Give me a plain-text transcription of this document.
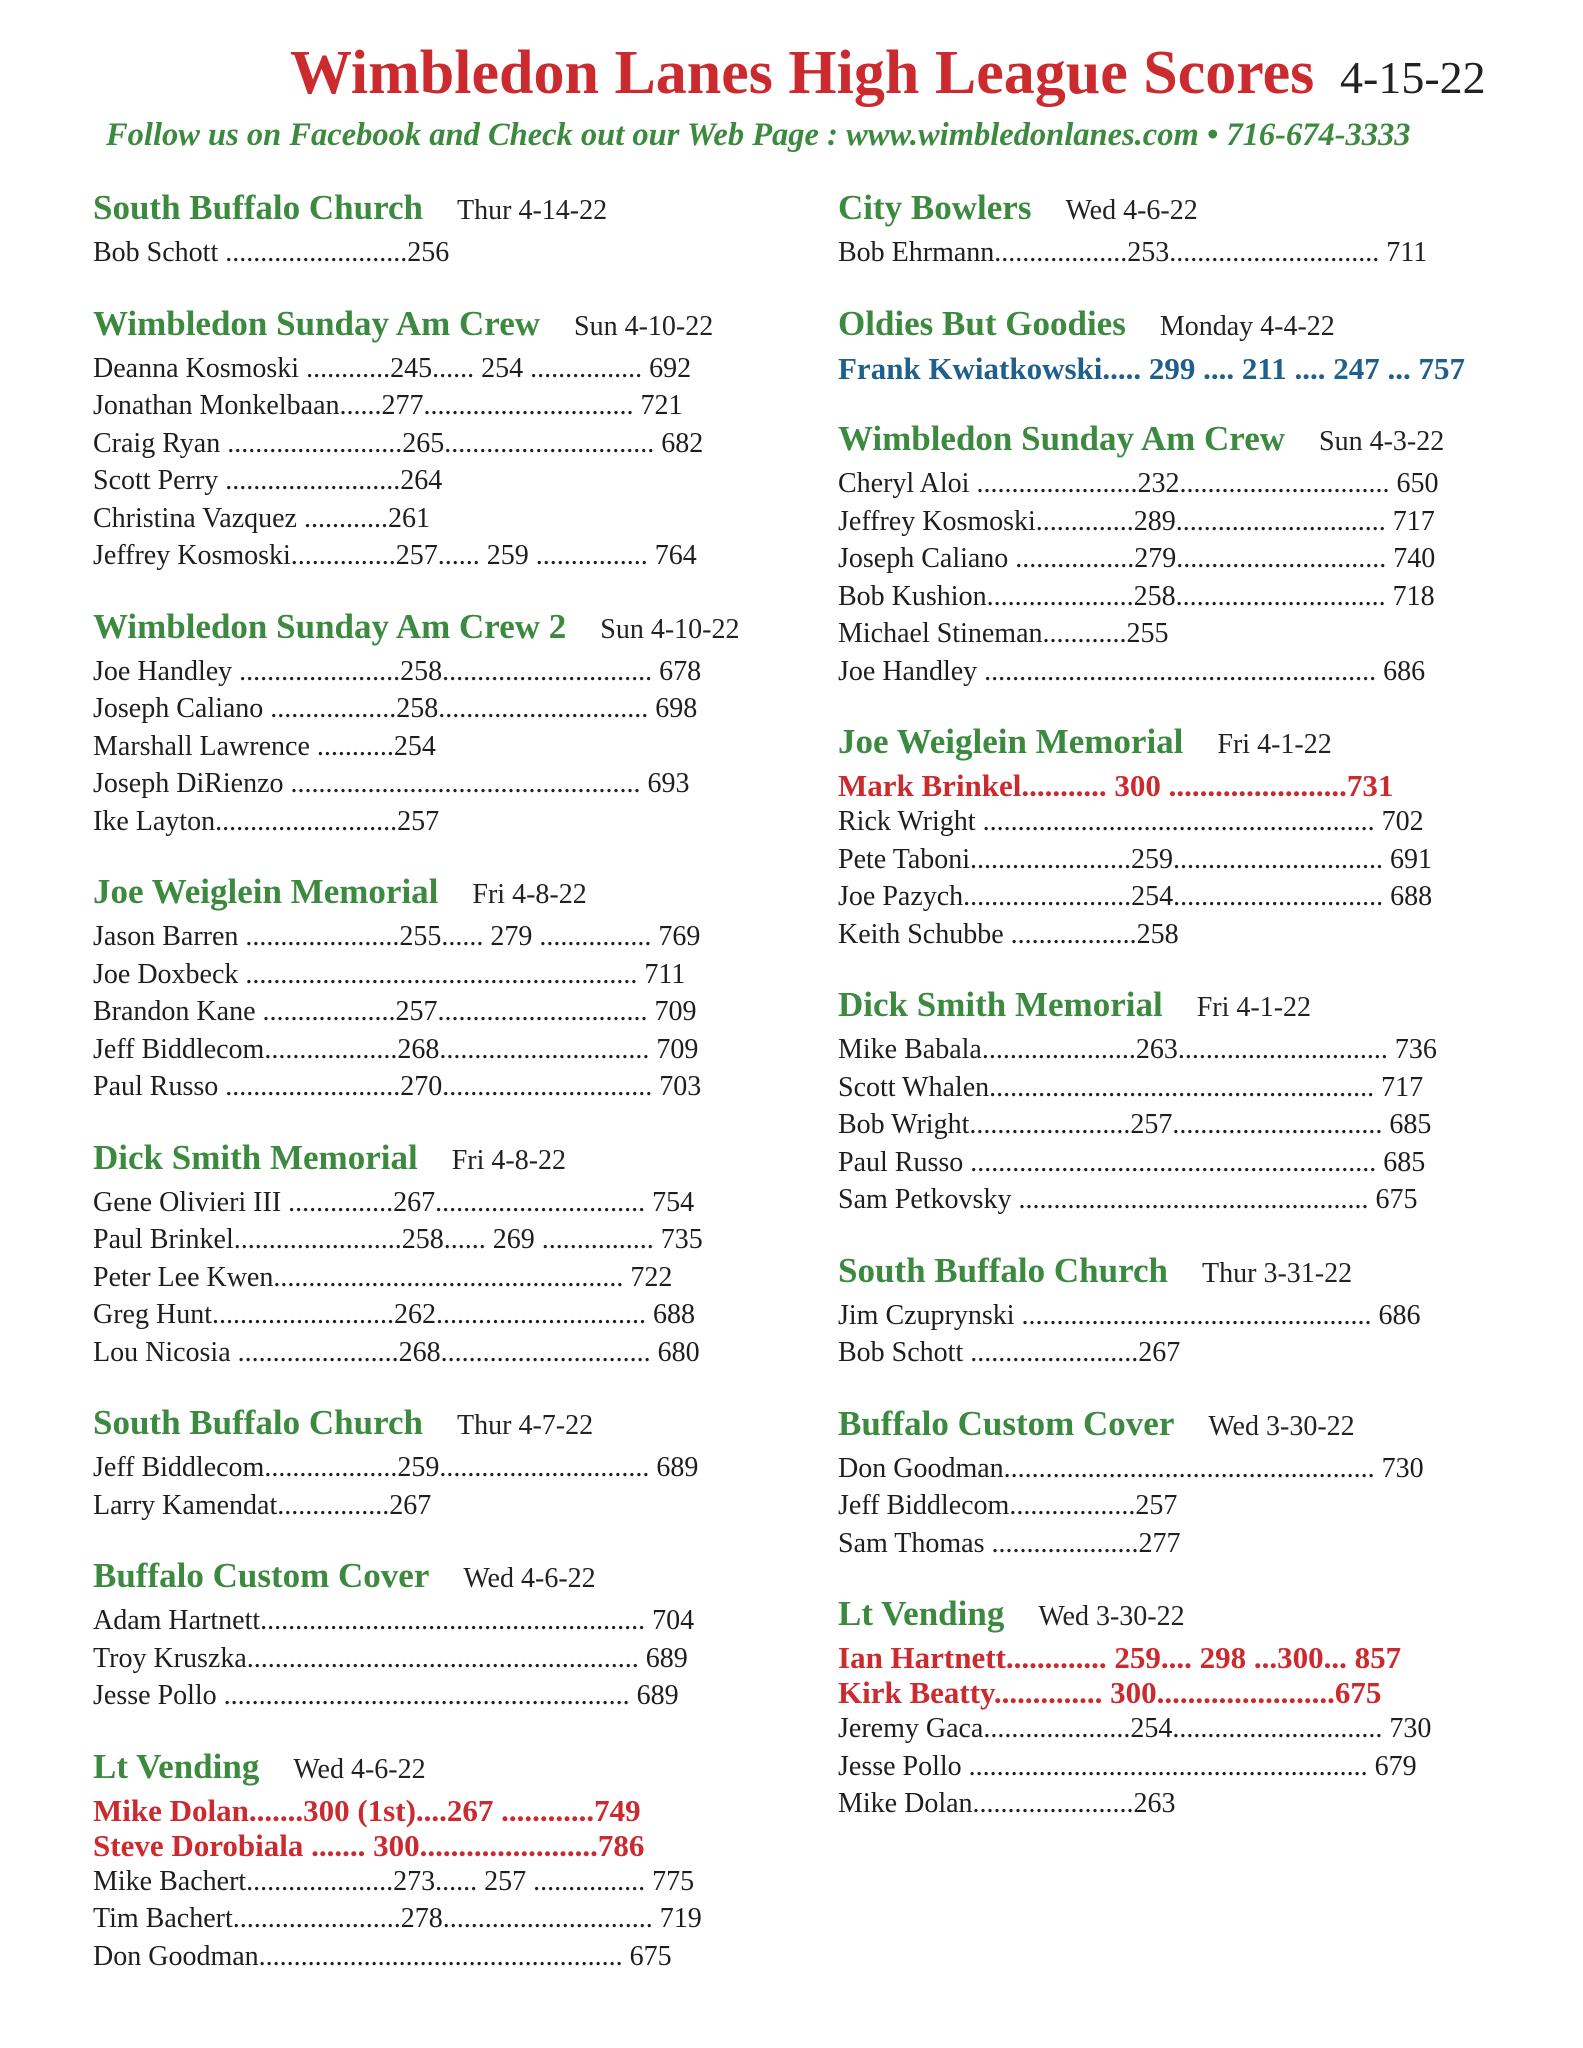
Wimbledon Lanes High League Scores 4-15-22
Follow us on Facebook and Check out our Web Page : www.wimbledonlanes.com • 716-674-3333
South Buffalo Church Thur 4-14-22
Bob Schott ..........................256
Wimbledon Sunday Am Crew Sun 4-10-22
Deanna Kosmoski ............245...... 254 ................ 692
Jonathan Monkelbaan......277.............................. 721
Craig Ryan .........................265.............................. 682
Scott Perry .........................264
Christina Vazquez ............261
Jeffrey Kosmoski...............257...... 259 ................ 764
Wimbledon Sunday Am Crew 2 Sun 4-10-22
Joe Handley .......................258.............................. 678
Joseph Caliano ..................258.............................. 698
Marshall Lawrence ...........254
Joseph DiRienzo .................................................. 693
Ike Layton..........................257
Joe Weiglein Memorial Fri 4-8-22
Jason Barren ......................255...... 279 ................ 769
Joe Doxbeck ........................................................ 711
Brandon Kane ...................257.............................. 709
Jeff Biddlecom...................268.............................. 709
Paul Russo .........................270.............................. 703
Dick Smith Memorial Fri 4-8-22
Gene Olivieri III ...............267.............................. 754
Paul Brinkel........................258...... 269 ................ 735
Peter Lee Kwen.................................................. 722
Greg Hunt..........................262.............................. 688
Lou Nicosia .......................268.............................. 680
South Buffalo Church Thur 4-7-22
Jeff Biddlecom...................259.............................. 689
Larry Kamendat................267
Buffalo Custom Cover Wed 4-6-22
Adam Hartnett....................................................... 704
Troy Kruszka........................................................ 689
Jesse Pollo .......................................................... 689
Lt Vending Wed 4-6-22
Mike Dolan.......300 (1st)....267 ............749
Steve Dorobiala ....... 300.......................786
Mike Bachert.....................273...... 257 ................ 775
Tim Bachert........................278.............................. 719
Don Goodman.................................................... 675
City Bowlers Wed 4-6-22
Bob Ehrmann...................253.............................. 711
Oldies But Goodies Monday 4-4-22
Frank Kwiatkowski..... 299 .... 211 .... 247 ... 757
Wimbledon Sunday Am Crew Sun 4-3-22
Cheryl Aloi .......................232.............................. 650
Jeffrey Kosmoski..............289.............................. 717
Joseph Caliano .................279.............................. 740
Bob Kushion.....................258.............................. 718
Michael Stineman............255
Joe Handley ........................................................ 686
Joe Weiglein Memorial Fri 4-1-22
Mark Brinkel........... 300 .......................731
Rick Wright ........................................................ 702
Pete Taboni.......................259.............................. 691
Joe Pazych........................254.............................. 688
Keith Schubbe ..................258
Dick Smith Memorial Fri 4-1-22
Mike Babala......................263.............................. 736
Scott Whalen....................................................... 717
Bob Wright.......................257.............................. 685
Paul Russo .......................................................... 685
Sam Petkovsky .................................................. 675
South Buffalo Church Thur 3-31-22
Jim Czuprynski .................................................. 686
Bob Schott ........................267
Buffalo Custom Cover Wed 3-30-22
Don Goodman..................................................... 730
Jeff Biddlecom..................257
Sam Thomas .....................277
Lt Vending Wed 3-30-22
Ian Hartnett............. 259.... 298 ...300... 857
Kirk Beatty.............. 300.......................675
Jeremy Gaca.....................254.............................. 730
Jesse Pollo ......................................................... 679
Mike Dolan.......................263
